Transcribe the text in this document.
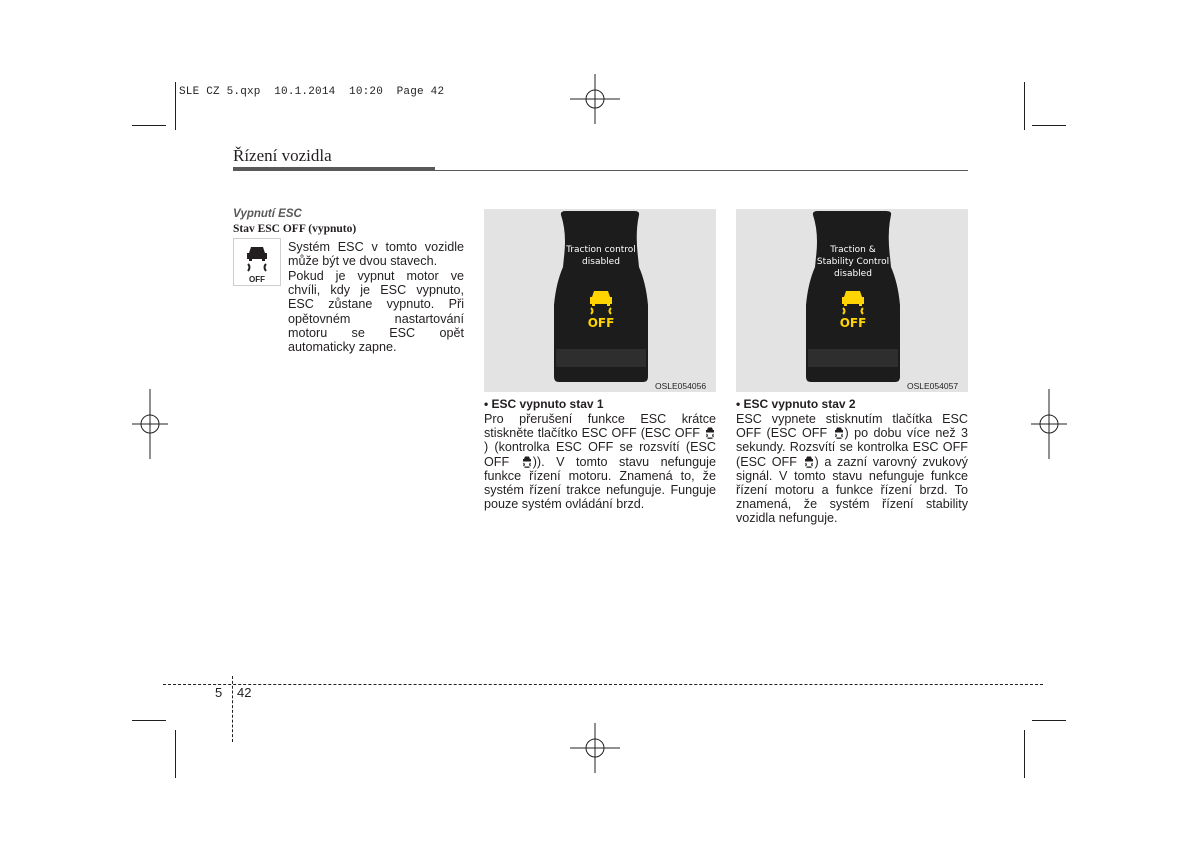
SLE CZ 5.qxp  10.1.2014  10:20  Page 42
Řízení vozidla
Vypnutí ESC
Stav ESC OFF (vypnuto)
OFF
Systém ESC v tomto vozidle může být ve dvou stavech.
Pokud je vypnut motor ve chvíli, kdy je ESC vypnuto, ESC zůstane vypnuto. Při opětovném nastartování motoru se ESC opět automaticky zapne.
Traction control
disabled
OFF
OSLE054056
Traction &
Stability Control
disabled
OFF
OSLE054057
• ESC vypnuto stav 1
Pro přerušení funkce ESC krátce stiskněte tlačítko ESC OFF (ESC OFF ) (kontrolka ESC OFF se rozsvítí (ESC OFF )). V tomto stavu nefunguje funkce řízení motoru. Znamená to, že systém řízení trakce nefunguje. Funguje pouze systém ovládání brzd.
• ESC vypnuto stav 2
ESC vypnete stisknutím tlačítka ESC OFF (ESC OFF ) po dobu více než 3 sekundy. Rozsvítí se kontrolka ESC OFF (ESC OFF ) a zazní varovný zvukový signál. V tomto stavu nefunguje funkce řízení motoru a funkce řízení brzd. To znamená, že systém řízení stability vozidla nefunguje.
5 42
